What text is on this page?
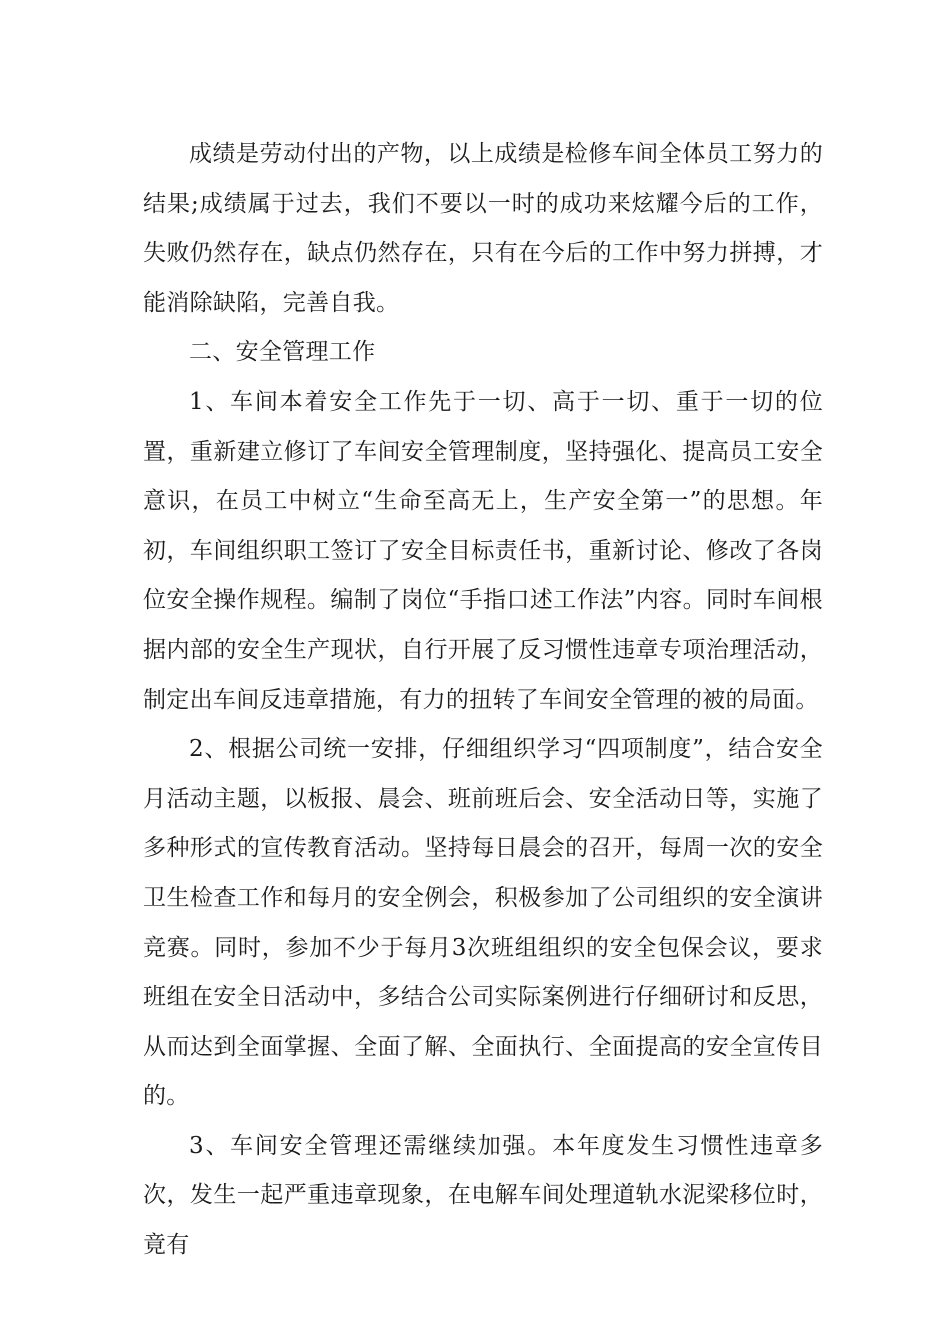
成绩是劳动付出的产物，以上成绩是检修车间全体员工努力的结果;成绩属于过去，我们不要以一时的成功来炫耀今后的工作，失败仍然存在，缺点仍然存在，只有在今后的工作中努力拼搏，才能消除缺陷，完善自我。

二、安全管理工作

1、车间本着安全工作先于一切、高于一切、重于一切的位置，重新建立修订了车间安全管理制度，坚持强化、提高员工安全意识，在员工中树立“生命至高无上，生产安全第一”的思想。年初，车间组织职工签订了安全目标责任书，重新讨论、修改了各岗位安全操作规程。编制了岗位“手指口述工作法”内容。同时车间根据内部的安全生产现状，自行开展了反习惯性违章专项治理活动，制定出车间反违章措施，有力的扭转了车间安全管理的被的局面。

2、根据公司统一安排，仔细组织学习“四项制度”，结合安全月活动主题，以板报、晨会、班前班后会、安全活动日等，实施了多种形式的宣传教育活动。坚持每日晨会的召开，每周一次的安全卫生检查工作和每月的安全例会，积极参加了公司组织的安全演讲竞赛。同时，参加不少于每月3次班组组织的安全包保会议，要求班组在安全日活动中，多结合公司实际案例进行仔细研讨和反思，从而达到全面掌握、全面了解、全面执行、全面提高的安全宣传目的。

3、车间安全管理还需继续加强。本年度发生习惯性违章多次，发生一起严重违章现象，在电解车间处理道轨水泥梁移位时，竟有
